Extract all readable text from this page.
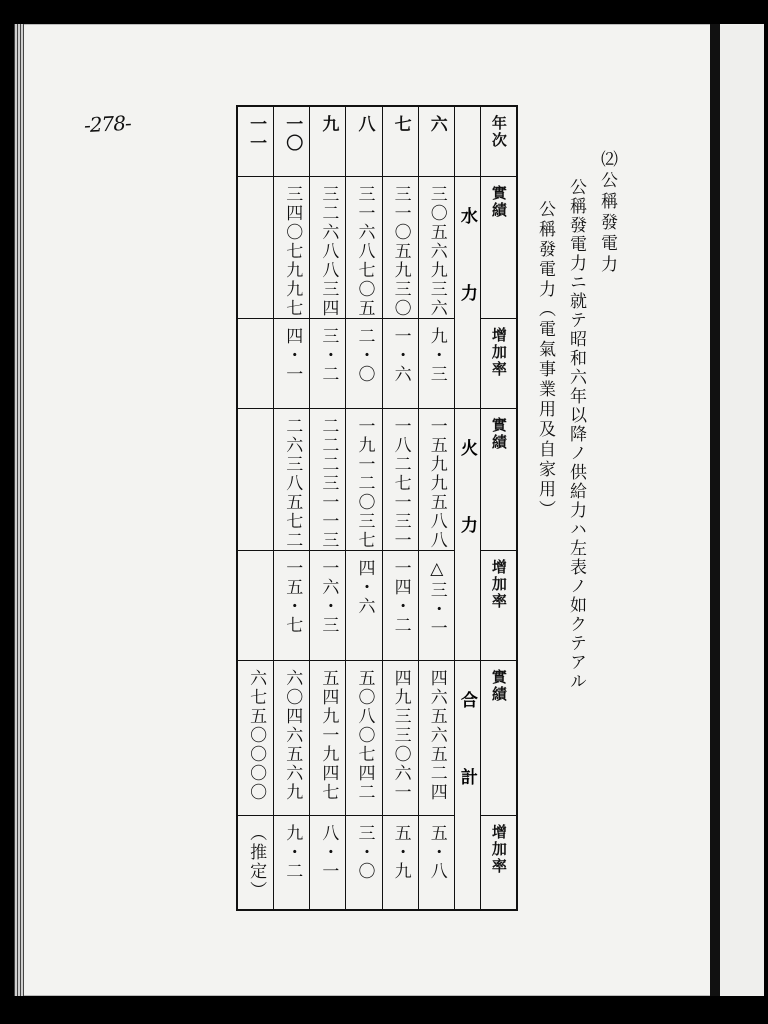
-278-
⑵公稱發電力
公稱發電力ニ就テ昭和六年以降ノ供給力ハ左表ノ如クテアル
公稱發電力（電氣事業用及自家用）
一一	一〇	九	八	七	六		年次

	三四〇七九九七	三二六八八三四	三一六八七〇五	三一〇五九三〇	三〇五六九三六	水力	實績

	四・一	三・二	二・〇	一・六	九・三		增加率

	二六三八五七二	二二二三一一三	一九一二〇三七	一八二七一三一	一五九九五八八	火力	實績

	一五・七	一六・三	四・六	一四・二	△三・一		增加率

六七五〇〇〇〇	六〇四六五六九	五四九一九四七	五〇八〇七四二	四九三三〇六一	四六五六五二四	合計	實績

（推定）	九・二	八・一	三・〇	五・九	五・八		增加率
